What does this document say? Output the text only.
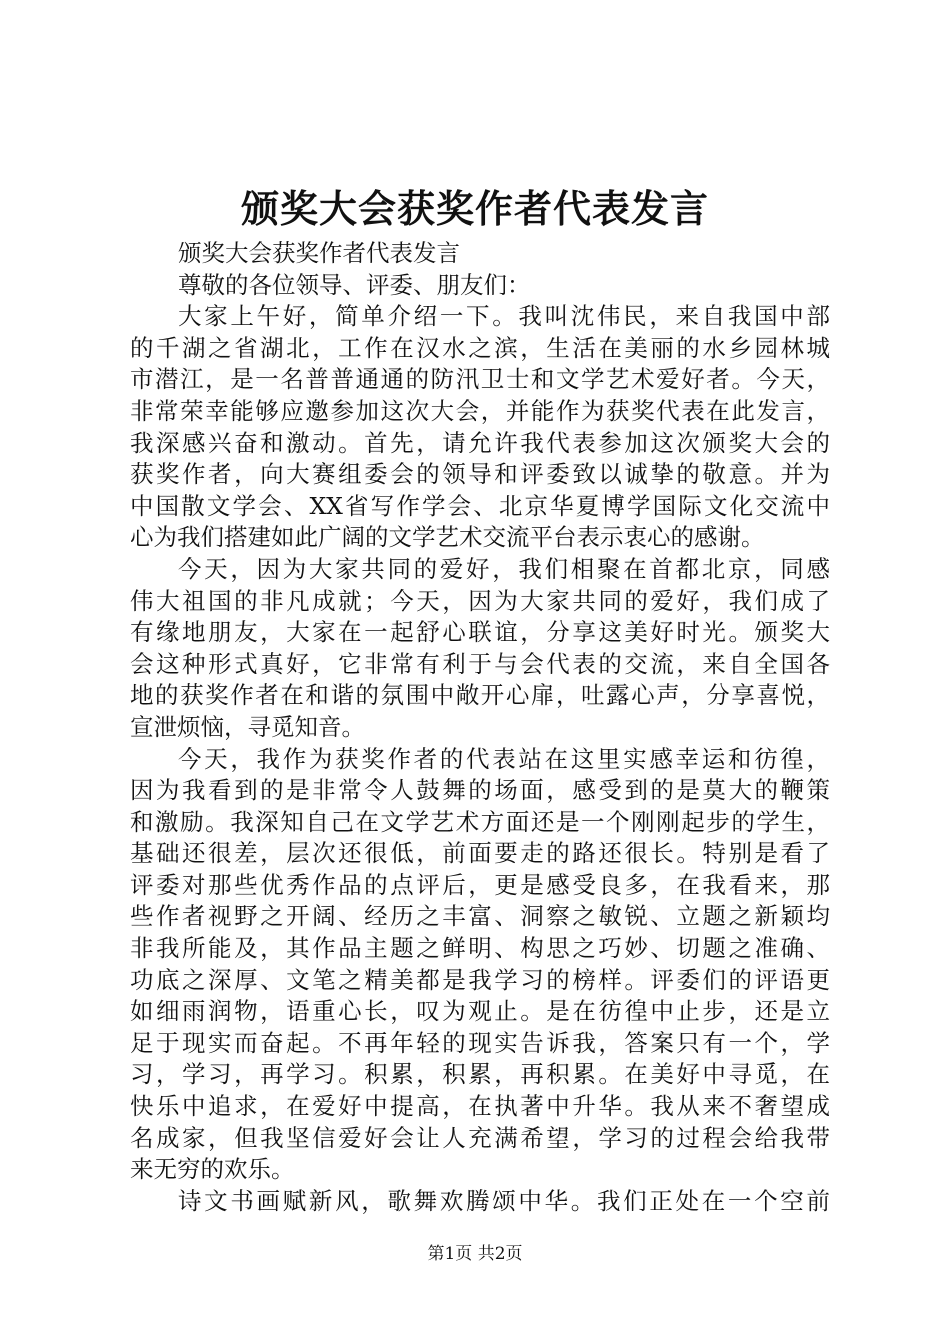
颁奖大会获奖作者代表发言
颁奖大会获奖作者代表发言
尊敬的各位领导、评委、朋友们：
大家上午好，简单介绍一下。我叫沈伟民，来自我国中部
的千湖之省湖北，工作在汉水之滨，生活在美丽的水乡园林城
市潜江，是一名普普通通的防汛卫士和文学艺术爱好者。今天，
非常荣幸能够应邀参加这次大会，并能作为获奖代表在此发言，
我深感兴奋和激动。首先，请允许我代表参加这次颁奖大会的
获奖作者，向大赛组委会的领导和评委致以诚挚的敬意。并为
中国散文学会、XX省写作学会、北京华夏博学国际文化交流中
心为我们搭建如此广阔的文学艺术交流平台表示衷心的感谢。
今天，因为大家共同的爱好，我们相聚在首都北京，同感
伟大祖国的非凡成就；今天，因为大家共同的爱好，我们成了
有缘地朋友，大家在一起舒心联谊，分享这美好时光。颁奖大
会这种形式真好，它非常有利于与会代表的交流，来自全国各
地的获奖作者在和谐的氛围中敞开心扉，吐露心声，分享喜悦，
宣泄烦恼，寻觅知音。
今天，我作为获奖作者的代表站在这里实感幸运和彷徨，
因为我看到的是非常令人鼓舞的场面，感受到的是莫大的鞭策
和激励。我深知自己在文学艺术方面还是一个刚刚起步的学生，
基础还很差，层次还很低，前面要走的路还很长。特别是看了
评委对那些优秀作品的点评后，更是感受良多，在我看来，那
些作者视野之开阔、经历之丰富、洞察之敏锐、立题之新颖均
非我所能及，其作品主题之鲜明、构思之巧妙、切题之准确、
功底之深厚、文笔之精美都是我学习的榜样。评委们的评语更
如细雨润物，语重心长，叹为观止。是在彷徨中止步，还是立
足于现实而奋起。不再年轻的现实告诉我，答案只有一个，学
习，学习，再学习。积累，积累，再积累。在美好中寻觅，在
快乐中追求，在爱好中提高，在执著中升华。我从来不奢望成
名成家，但我坚信爱好会让人充满希望，学习的过程会给我带
来无穷的欢乐。
诗文书画赋新风，歌舞欢腾颂中华。我们正处在一个空前
第1页 共2页
